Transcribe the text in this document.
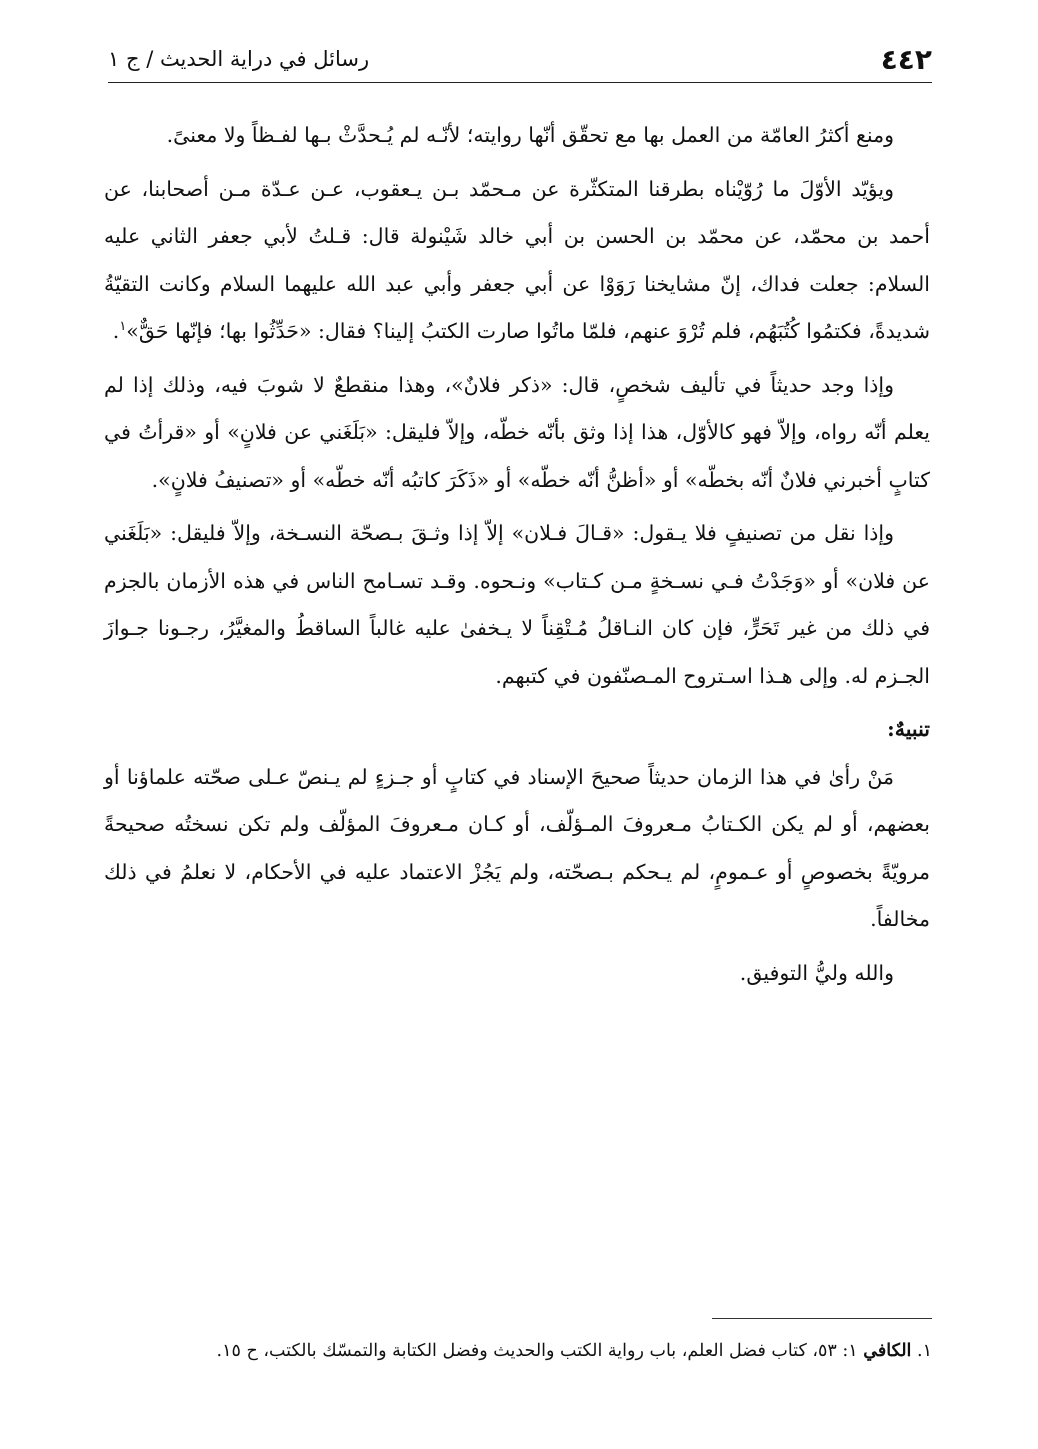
٤٤٢
رسائل في دراية الحديث / ج ١

ومنع أكثرُ العامّة من العمل بها مع تحقّق أنّها روايته؛ لأنّـه لم يُـحدَّثْ بـها لفـظاً ولا معنىً.

ويؤيّد الأوّلَ ما رُوّيْناه بطرقنا المتكثّرة عن مـحمّد بـن يـعقوب، عـن عـدّة مـن أصحابنا، عن أحمد بن محمّد، عن محمّد بن الحسن بن أبي خالد شَيْنولة قال: قـلتُ لأبي جعفر الثاني عليه السلام: جعلت فداك، إنّ مشايخنا رَوَوْا عن أبي جعفر وأبي عبد الله عليهما السلام وكانت التقيّةُ شديدةً، فكتمُوا كُتُبَهُم، فلم تُرْوَ عنهم، فلمّا ماتُوا صارت الكتبُ إلينا؟ فقال: «حَدِّثُوا بها؛ فإنّها حَقٌّ»$^١$.

وإذا وجد حديثاً في تأليف شخصٍ، قال: «ذكر فلانٌ»، وهذا منقطعٌ لا شوبَ فيه، وذلك إذا لم يعلم أنّه رواه، وإلاّ فهو كالأوّل، هذا إذا وثق بأنّه خطّه، وإلاّ فليقل: «بَلَغَني عن فلانٍ» أو «قرأتُ في كتابٍ أخبرني فلانٌ أنّه بخطّه» أو «أظنُّ أنّه خطّه» أو «ذَكَرَ كاتبُه أنّه خطّه» أو «تصنيفُ فلانٍ».

وإذا نقل من تصنيفٍ فلا يـقول: «قـالَ فـلان» إلاّ إذا وثـقَ بـصحّة النسـخة، وإلاّ فليقل: «بَلَغَني عن فلان» أو «وَجَدْتُ فـي نسـخةٍ مـن كـتاب» ونـحوه. وقـد تسـامح الناس في هذه الأزمان بالجزم في ذلك من غير تَحَرٍّ، فإن كان النـاقلُ مُـتْقِناً لا يـخفىٰ عليه غالباً الساقطُ والمغيَّرُ، رجـونا جـوازَ الجـزم له. وإلى هـذا اسـتروح المـصنّفون في كتبهم.

تنبيهٌ:

مَنْ رأىٰ في هذا الزمان حديثاً صحيحَ الإسناد في كتابٍ أو جـزءٍ لم يـنصّ عـلى صحّته علماؤنا أو بعضهم، أو لم يكن الكـتابُ مـعروفَ المـؤلّف، أو كـان مـعروفَ المؤلّف ولم تكن نسختُه صحيحةً مرويّةً بخصوصٍ أو عـمومٍ، لم يـحكم بـصحّته، ولم يَجُزْ الاعتماد عليه في الأحكام، لا نعلمُ في ذلك مخالفاً.

والله وليُّ التوفيق.

١. الكافي ١: ٥٣، كتاب فضل العلم، باب رواية الكتب والحديث وفضل الكتابة والتمسّك بالكتب، ح ١٥.
